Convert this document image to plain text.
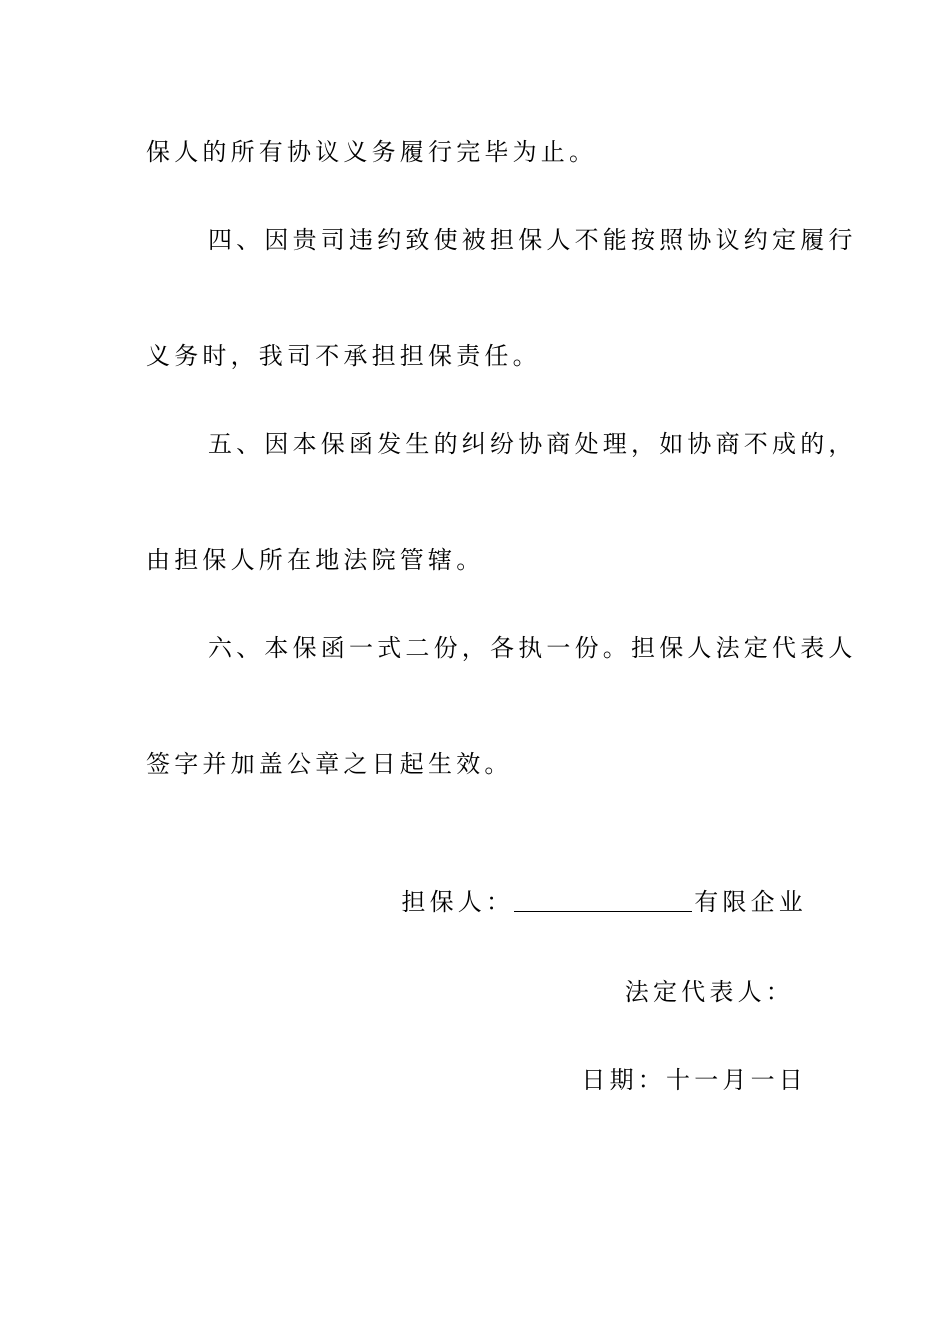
保人的所有协议义务履行完毕为止。
四、因贵司违约致使被担保人不能按照协议约定履行
义务时，我司不承担担保责任。
五、因本保函发生的纠纷协商处理，如协商不成的，
由担保人所在地法院管辖。
六、本保函一式二份，各执一份。担保人法定代表人
签字并加盖公章之日起生效。
担保人：	有限企业
法定代表人：
日期：十一月一日
